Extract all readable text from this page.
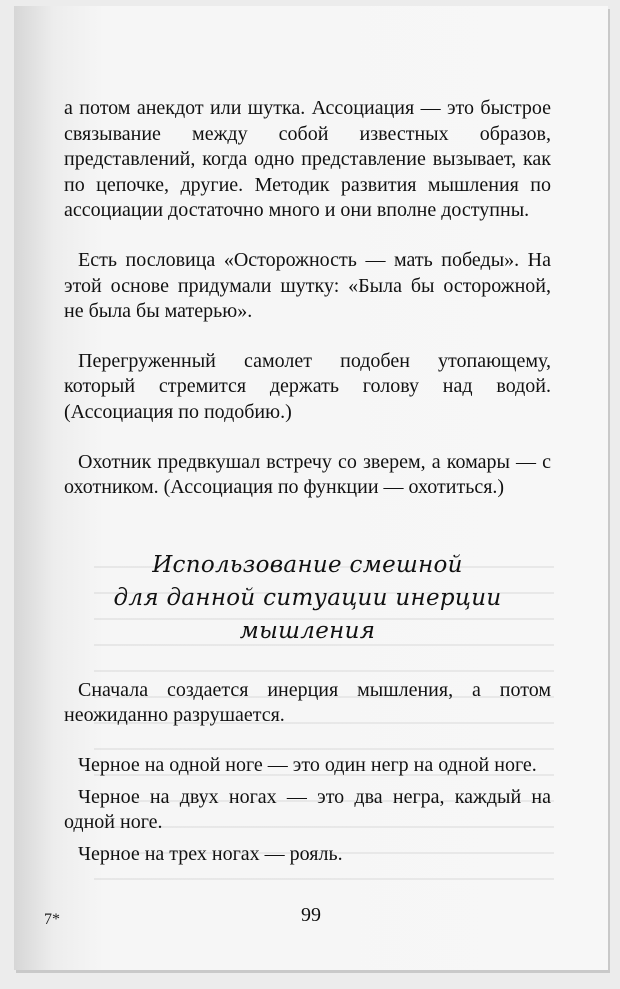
а потом анекдот или шутка. Ассоциация — это быстрое связывание между собой известных образов, представлений, когда одно представление вызывает, как по цепочке, другие. Методик развития мышления по ассоциации достаточно много и они вполне доступны.

Есть пословица «Осторожность — мать победы». На этой основе придумали шутку: «Была бы осторожной, не была бы матерью».

Перегруженный самолет подобен утопающему, который стремится держать голову над водой. (Ассоциация по подобию.)

Охотник предвкушал встречу со зверем, а комары — с охотником. (Ассоциация по функции — охотиться.)

Использование смешной
для данной ситуации инерции мышления

Сначала создается инерция мышления, а потом неожиданно разрушается.

Черное на одной ноге — это один негр на одной ноге.

Черное на двух ногах — это два негра, каждый на одной ноге.

Черное на трех ногах — рояль.

7*	99
